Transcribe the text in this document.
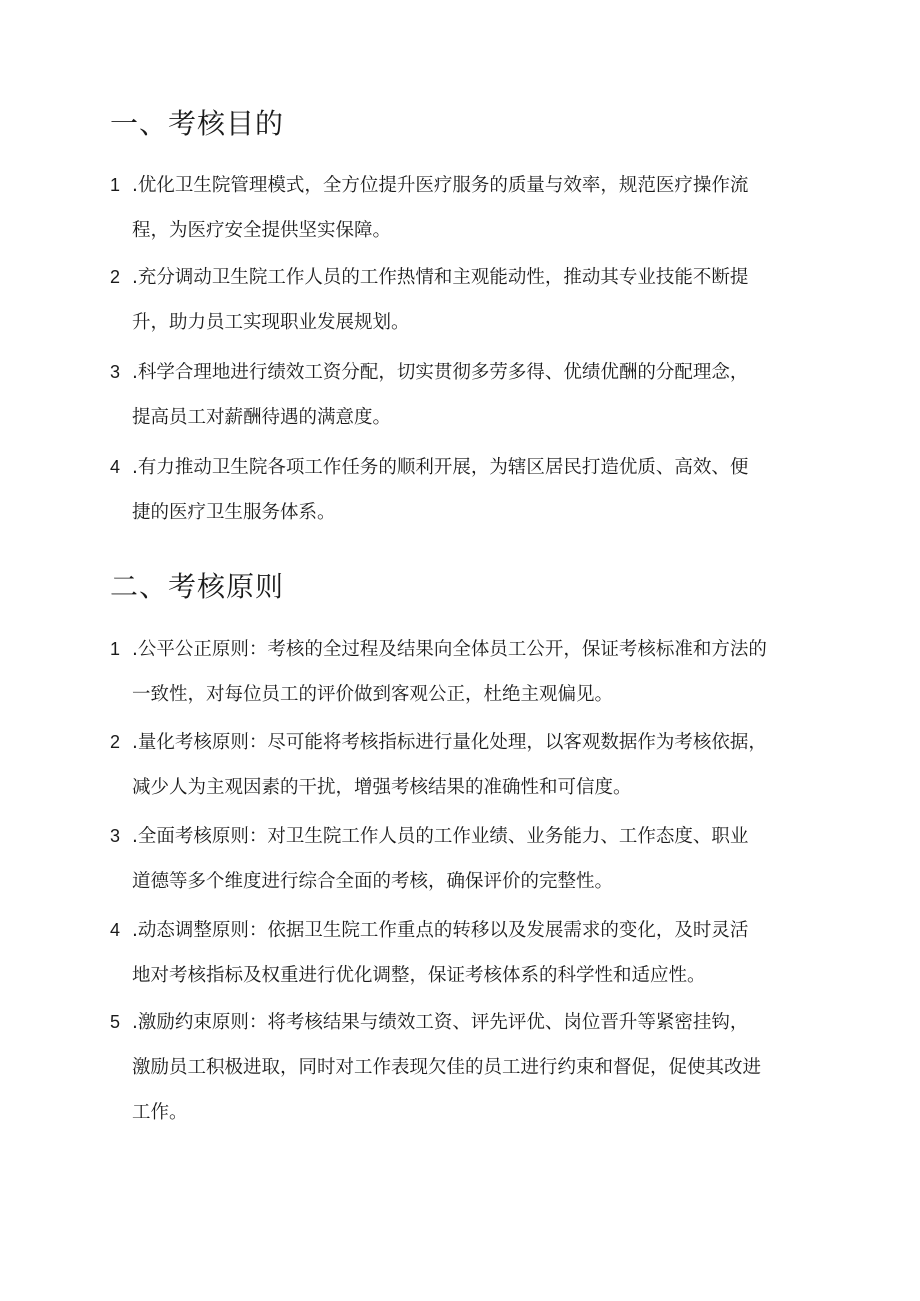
一、考核目的
1 .优化卫生院管理模式，全方位提升医疗服务的质量与效率，规范医疗操作流
程，为医疗安全提供坚实保障。

2 .充分调动卫生院工作人员的工作热情和主观能动性，推动其专业技能不断提
升，助力员工实现职业发展规划。

3 .科学合理地进行绩效工资分配，切实贯彻多劳多得、优绩优酬的分配理念，
提高员工对薪酬待遇的满意度。

4 .有力推动卫生院各项工作任务的顺利开展，为辖区居民打造优质、高效、便
捷的医疗卫生服务体系。

二、考核原则
1 .公平公正原则：考核的全过程及结果向全体员工公开，保证考核标准和方法的
一致性，对每位员工的评价做到客观公正，杜绝主观偏见。

2 .量化考核原则：尽可能将考核指标进行量化处理，以客观数据作为考核依据，
减少人为主观因素的干扰，增强考核结果的准确性和可信度。

3 .全面考核原则：对卫生院工作人员的工作业绩、业务能力、工作态度、职业
道德等多个维度进行综合全面的考核，确保评价的完整性。

4 .动态调整原则：依据卫生院工作重点的转移以及发展需求的变化，及时灵活
地对考核指标及权重进行优化调整，保证考核体系的科学性和适应性。

5 .激励约束原则：将考核结果与绩效工资、评先评优、岗位晋升等紧密挂钩，
激励员工积极进取，同时对工作表现欠佳的员工进行约束和督促，促使其改进
工作。
